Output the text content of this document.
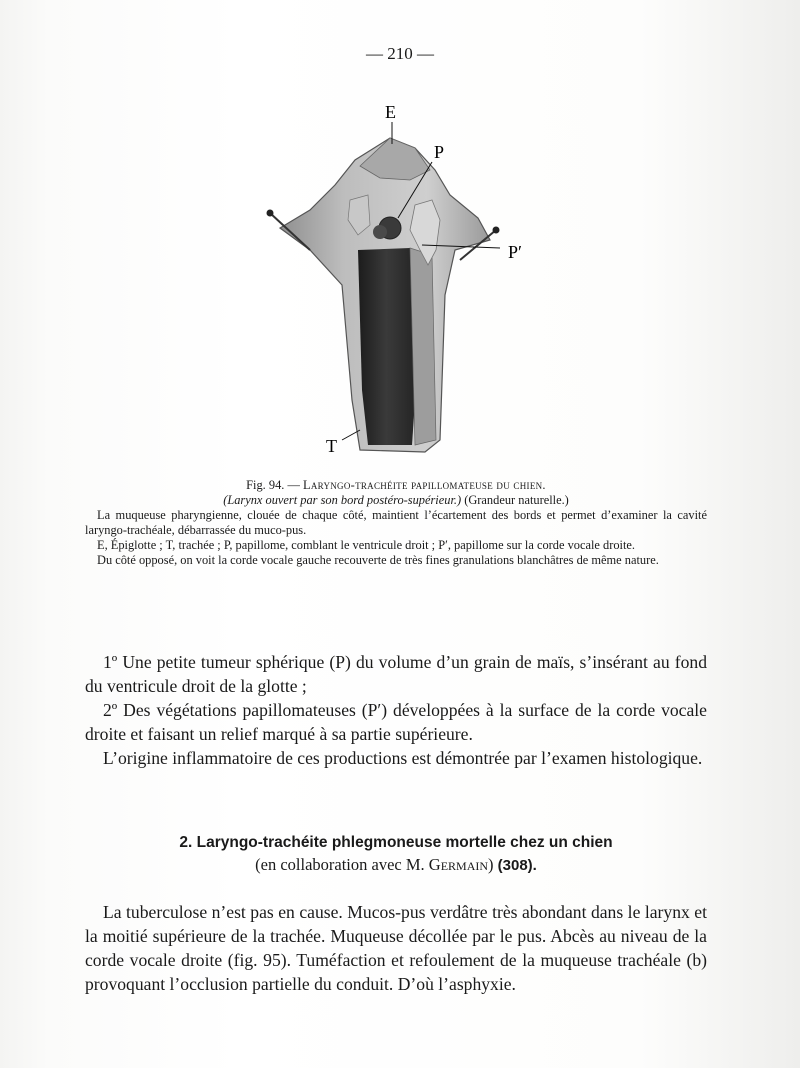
— 210 —
E
P
P′
T
Fig. 94. — Laryngo-trachéite papillomateuse du chien.
(Larynx ouvert par son bord postéro-supérieur.) (Grandeur naturelle.)

La muqueuse pharyngienne, clouée de chaque côté, maintient l’écartement des bords et permet d’examiner la cavité laryngo-trachéale, débarrassée du muco-pus.

E, Épiglotte ; T, trachée ; P, papillome, comblant le ventricule droit ; P′, papillome sur la corde vocale droite.

Du côté opposé, on voit la corde vocale gauche recouverte de très fines granulations blanchâtres de même nature.

1º Une petite tumeur sphérique (P) du volume d’un grain de maïs, s’insérant au fond du ventricule droit de la glotte ;

2º Des végétations papillomateuses (P′) développées à la surface de la corde vocale droite et faisant un relief marqué à sa partie supérieure.

L’origine inflammatoire de ces productions est démontrée par l’examen histologique.

2. Laryngo-trachéite phlegmoneuse mortelle chez un chien
(en collaboration avec M. Germain) (308).

La tuberculose n’est pas en cause. Mucos-pus verdâtre très abondant dans le larynx et la moitié supérieure de la trachée. Muqueuse décollée par le pus. Abcès au niveau de la corde vocale droite (fig. 95). Tuméfaction et refoulement de la muqueuse trachéale (b) provoquant l’occlusion partielle du conduit. D’où l’asphyxie.
